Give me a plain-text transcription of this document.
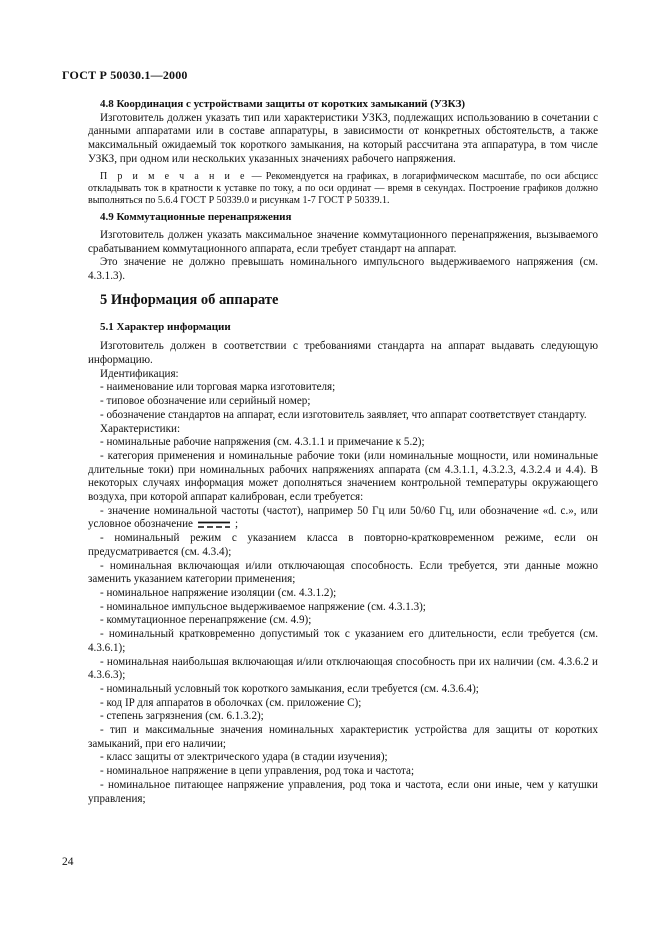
ГОСТ Р 50030.1—2000

4.8 Координация с устройствами защиты от коротких замыканий (УЗКЗ)

Изготовитель должен указать тип или характеристики УЗКЗ, подлежащих использованию в сочетании с данными аппаратами или в составе аппаратуры, в зависимости от конкретных обстоятельств, а также максимальный ожидаемый ток короткого замыкания, на который рассчитана эта аппаратура, в том числе УЗКЗ, при одном или нескольких указанных значениях рабочего напряжения.

П р и м е ч а н и е — Рекомендуется на графиках, в логарифмическом масштабе, по оси абсцисс откладывать ток в кратности к уставке по току, а по оси ординат — время в секундах. Построение графиков должно выполняться по 5.6.4 ГОСТ Р 50339.0 и рисункам 1-7 ГОСТ Р 50339.1.

4.9 Коммутационные перенапряжения

Изготовитель должен указать максимальное значение коммутационного перенапряжения, вызываемого срабатыванием коммутационного аппарата, если требует стандарт на аппарат.

Это значение не должно превышать номинального импульсного выдерживаемого напряжения (см. 4.3.1.3).

5 Информация об аппарате

5.1 Характер информации

Изготовитель должен в соответствии с требованиями стандарта на аппарат выдавать следующую информацию.

Идентификация:

- наименование или торговая марка изготовителя;

- типовое обозначение или серийный номер;

- обозначение стандартов на аппарат, если изготовитель заявляет, что аппарат соответствует стандарту.

Характеристики:

- номинальные рабочие напряжения (см. 4.3.1.1 и примечание к 5.2);

- категория применения и номинальные рабочие токи (или номинальные мощности, или номинальные длительные токи) при номинальных рабочих напряжениях аппарата (см 4.3.1.1, 4.3.2.3, 4.3.2.4 и 4.4). В некоторых случаях информация может дополняться значением контрольной температуры окружающего воздуха, при которой аппарат калиброван, если требуется:

- значение номинальной частоты (частот), например 50 Гц или 50/60 Гц, или обозначение «d. c.», или условное обозначение	;

- номинальный режим с указанием класса в повторно-кратковременном режиме, если он предусматривается (см. 4.3.4);

- номинальная включающая и/или отключающая способность. Если требуется, эти данные можно заменить указанием категории применения;

- номинальное напряжение изоляции (см. 4.3.1.2);

- номинальное импульсное выдерживаемое напряжение (см. 4.3.1.3);

- коммутационное перенапряжение (см. 4.9);

- номинальный кратковременно допустимый ток с указанием его длительности, если требуется (см. 4.3.6.1);

- номинальная наибольшая включающая и/или отключающая способность при их наличии (см. 4.3.6.2 и 4.3.6.3);

- номинальный условный ток короткого замыкания, если требуется (см. 4.3.6.4);

- код IP для аппаратов в оболочках (см. приложение С);

- степень загрязнения (см. 6.1.3.2);

- тип и максимальные значения номинальных характеристик устройства для защиты от коротких замыканий, при его наличии;

- класс защиты от электрического удара (в стадии изучения);

- номинальное напряжение в цепи управления, род тока и частота;

- номинальное питающее напряжение управления, род тока и частота, если они иные, чем у катушки управления;

24
